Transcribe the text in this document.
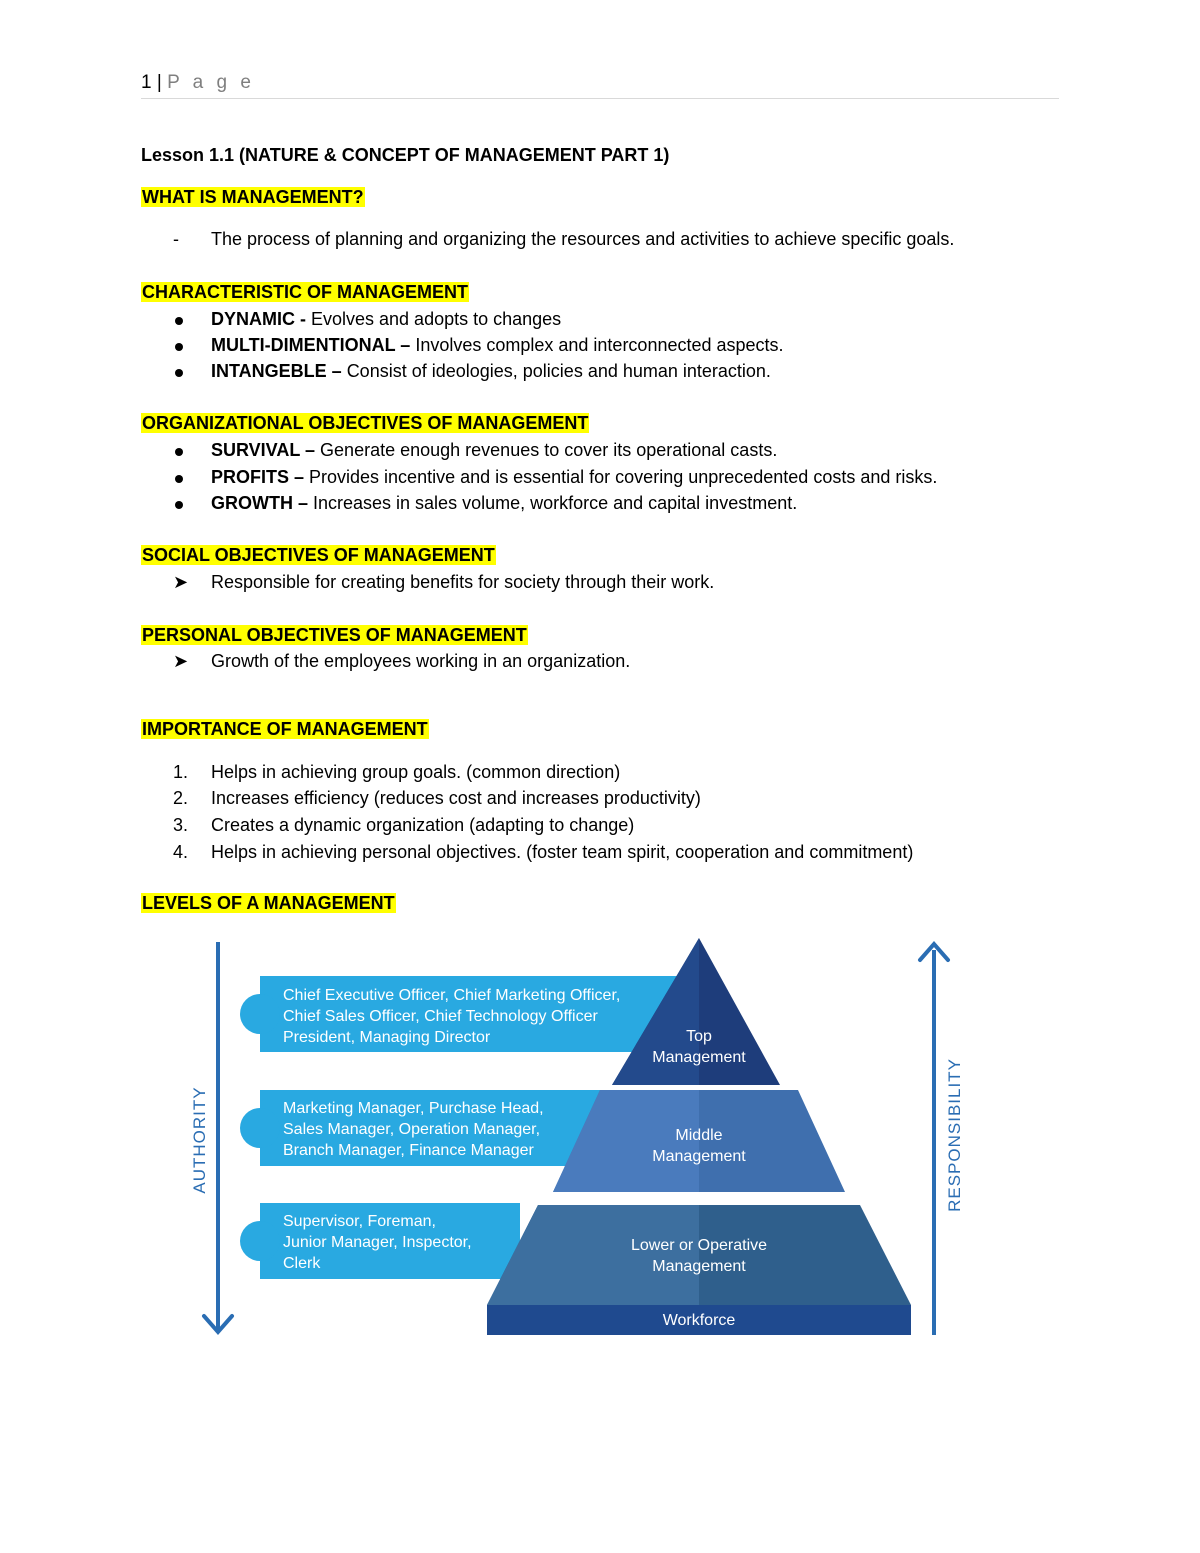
1 | P a g e
Lesson 1.1 (NATURE & CONCEPT OF MANAGEMENT PART 1)
WHAT IS MANAGEMENT?
-	The process of planning and organizing the resources and activities to achieve specific goals.
CHARACTERISTIC OF MANAGEMENT
DYNAMIC - Evolves and adopts to changes
MULTI-DIMENTIONAL – Involves complex and interconnected aspects.
INTANGEBLE – Consist of ideologies, policies and human interaction.
ORGANIZATIONAL OBJECTIVES OF MANAGEMENT
SURVIVAL – Generate enough revenues to cover its operational casts.
PROFITS – Provides incentive and is essential for covering unprecedented costs and risks.
GROWTH – Increases in sales volume, workforce and capital investment.
SOCIAL OBJECTIVES OF MANAGEMENT
➤	Responsible for creating benefits for society through their work.
PERSONAL OBJECTIVES OF MANAGEMENT
➤	Growth of the employees working in an organization.
IMPORTANCE OF MANAGEMENT
1.	Helps in achieving group goals. (common direction)
2.	Increases efficiency (reduces cost and increases productivity)
3.	Creates a dynamic organization (adapting to change)
4.	Helps in achieving personal objectives. (foster team spirit, cooperation and commitment)
LEVELS OF A MANAGEMENT
Chief Executive Officer, Chief Marketing Officer,
Chief Sales Officer, Chief Technology Officer
President, Managing Director
Marketing Manager, Purchase Head,
Sales Manager, Operation Manager,
Branch Manager, Finance Manager
Supervisor, Foreman,
Junior Manager, Inspector,
Clerk
Top
Management
Middle
Management
Lower or Operative
Management
Workforce
AUTHORITY	RESPONSIBILITY
